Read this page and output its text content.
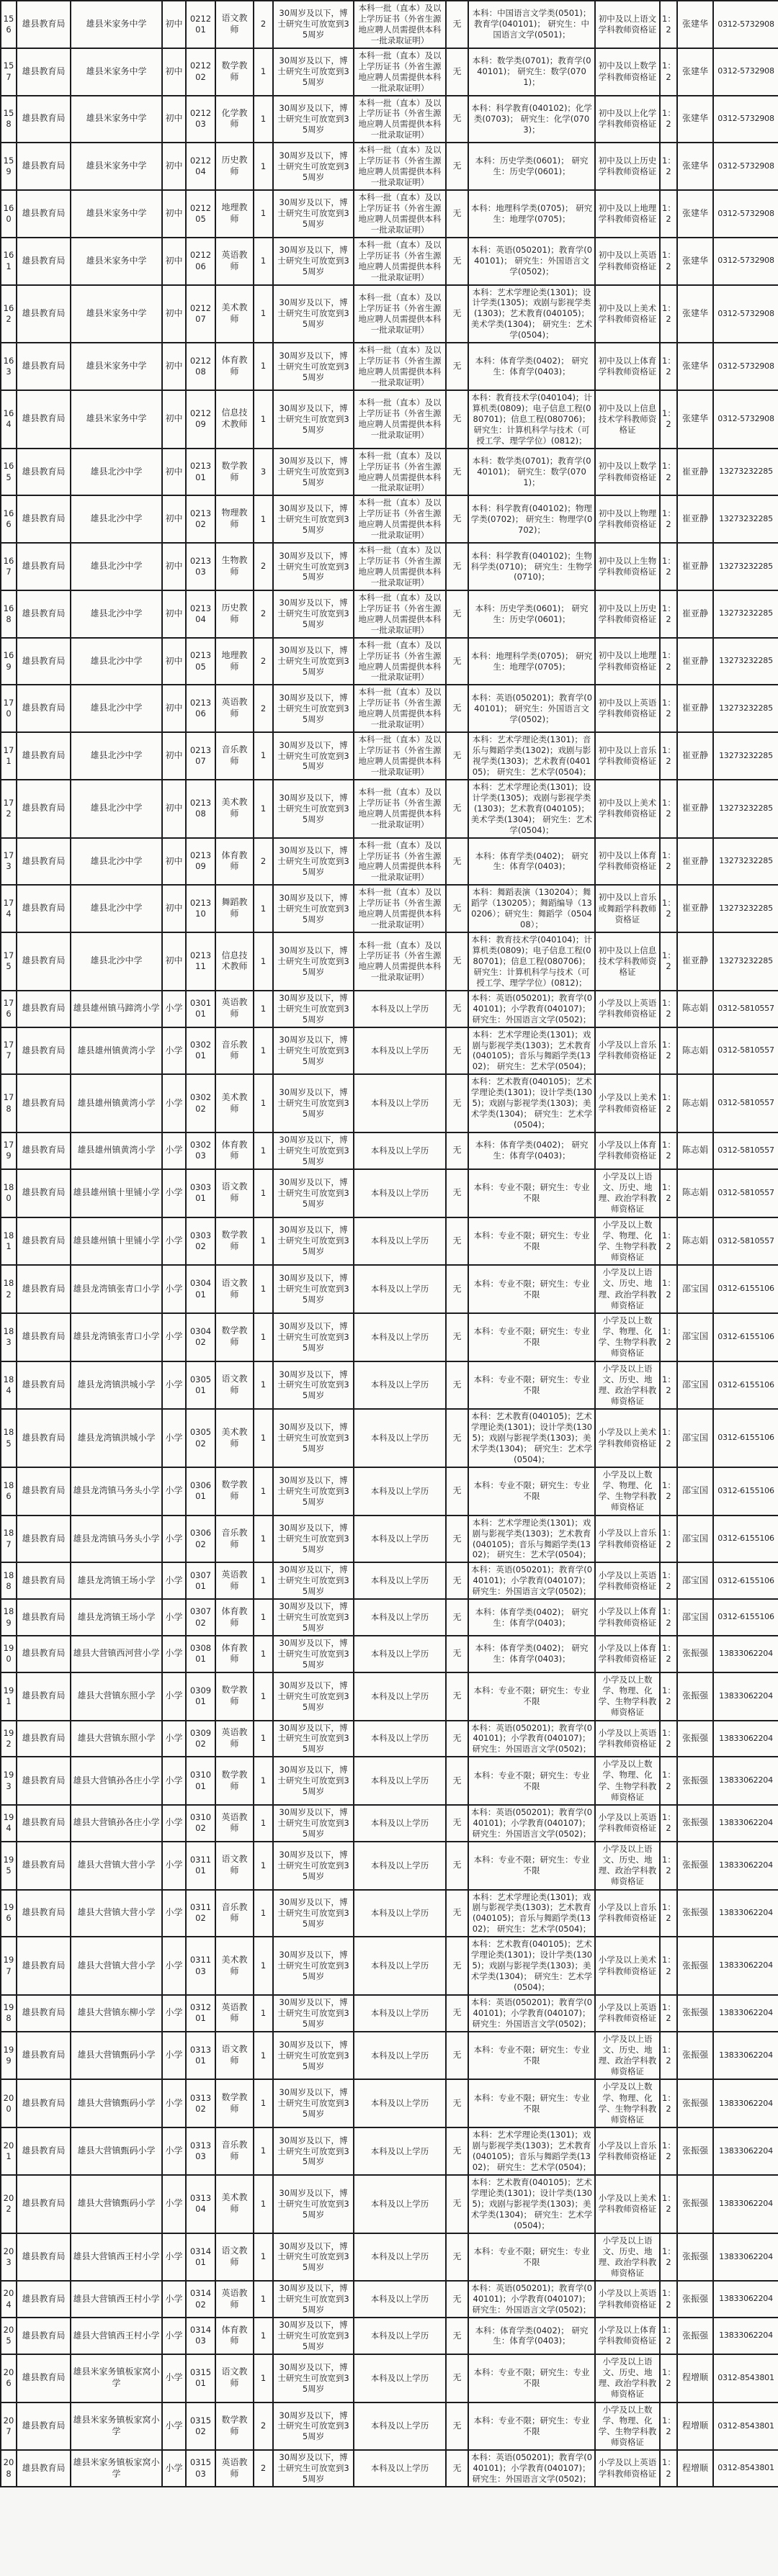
156	雄县教育局	雄县米家务中学	初中	021201	语文教师	2	30周岁及以下，博士研究生可放宽到35周岁	本科一批（直本）及以上学历证书（外省生源地应聘人员需提供本科一批录取证明）	无	本科：中国语言文学类(0501)；教育学(040101)； 研究生：中国语言文学(0501)；	初中及以上语文学科教师资格证	1：2	张建华	0312-5732908
157	雄县教育局	雄县米家务中学	初中	021202	数学教师	1	30周岁及以下，博士研究生可放宽到35周岁	本科一批（直本）及以上学历证书（外省生源地应聘人员需提供本科一批录取证明）	无	本科：数学类(0701)；教育学(040101)； 研究生：数学(0701)；	初中及以上数学学科教师资格证	1：2	张建华	0312-5732908
158	雄县教育局	雄县米家务中学	初中	021203	化学教师	1	30周岁及以下，博士研究生可放宽到35周岁	本科一批（直本）及以上学历证书（外省生源地应聘人员需提供本科一批录取证明）	无	本科：科学教育(040102)；化学类(0703)； 研究生：化学(0703)；	初中及以上化学学科教师资格证	1：2	张建华	0312-5732908
159	雄县教育局	雄县米家务中学	初中	021204	历史教师	1	30周岁及以下，博士研究生可放宽到35周岁	本科一批（直本）及以上学历证书（外省生源地应聘人员需提供本科一批录取证明）	无	本科：历史学类(0601)； 研究生：历史学(0601)；	初中及以上历史学科教师资格证	1：2	张建华	0312-5732908
160	雄县教育局	雄县米家务中学	初中	021205	地理教师	1	30周岁及以下，博士研究生可放宽到35周岁	本科一批（直本）及以上学历证书（外省生源地应聘人员需提供本科一批录取证明）	无	本科：地理科学类(0705)； 研究生：地理学(0705)；	初中及以上地理学科教师资格证	1：2	张建华	0312-5732908
161	雄县教育局	雄县米家务中学	初中	021206	英语教师	1	30周岁及以下，博士研究生可放宽到35周岁	本科一批（直本）及以上学历证书（外省生源地应聘人员需提供本科一批录取证明）	无	本科：英语(050201)；教育学(040101)； 研究生：外国语言文学(0502)；	初中及以上英语学科教师资格证	1：2	张建华	0312-5732908
162	雄县教育局	雄县米家务中学	初中	021207	美术教师	1	30周岁及以下，博士研究生可放宽到35周岁	本科一批（直本）及以上学历证书（外省生源地应聘人员需提供本科一批录取证明）	无	本科：艺术学理论类(1301)；设计学类(1305)；戏剧与影视学类(1303)；艺术教育(040105)；美术学类(1304)； 研究生：艺术学(0504)；	初中及以上美术学科教师资格证	1：2	张建华	0312-5732908
163	雄县教育局	雄县米家务中学	初中	021208	体育教师	1	30周岁及以下，博士研究生可放宽到35周岁	本科一批（直本）及以上学历证书（外省生源地应聘人员需提供本科一批录取证明）	无	本科：体育学类(0402)； 研究生：体育学(0403)；	初中及以上体育学科教师资格证	1：2	张建华	0312-5732908
164	雄县教育局	雄县米家务中学	初中	021209	信息技术教师	1	30周岁及以下，博士研究生可放宽到35周岁	本科一批（直本）及以上学历证书（外省生源地应聘人员需提供本科一批录取证明）	无	本科：教育技术学(040104)；计算机类(0809)；电子信息工程(080701)；信息工程(080706)；研究生：计算机科学与技术（可授工学、理学学位）(0812)；	初中及以上信息技术学科教师资格证	1：2	张建华	0312-5732908
165	雄县教育局	雄县北沙中学	初中	021301	数学教师	3	30周岁及以下，博士研究生可放宽到35周岁	本科一批（直本）及以上学历证书（外省生源地应聘人员需提供本科一批录取证明）	无	本科：数学类(0701)；教育学(040101)； 研究生：数学(0701)；	初中及以上数学学科教师资格证	1：2	崔亚静	13273232285
166	雄县教育局	雄县北沙中学	初中	021302	物理教师	1	30周岁及以下，博士研究生可放宽到35周岁	本科一批（直本）及以上学历证书（外省生源地应聘人员需提供本科一批录取证明）	无	本科：科学教育(040102)；物理学类(0702)； 研究生：物理学(0702)；	初中及以上物理学科教师资格证	1：2	崔亚静	13273232285
167	雄县教育局	雄县北沙中学	初中	021303	生物教师	2	30周岁及以下，博士研究生可放宽到35周岁	本科一批（直本）及以上学历证书（外省生源地应聘人员需提供本科一批录取证明）	无	本科：科学教育(040102)；生物科学类(0710)； 研究生：生物学(0710)；	初中及以上生物学科教师资格证	1：2	崔亚静	13273232285
168	雄县教育局	雄县北沙中学	初中	021304	历史教师	2	30周岁及以下，博士研究生可放宽到35周岁	本科一批（直本）及以上学历证书（外省生源地应聘人员需提供本科一批录取证明）	无	本科：历史学类(0601)； 研究生：历史学(0601)；	初中及以上历史学科教师资格证	1：2	崔亚静	13273232285
169	雄县教育局	雄县北沙中学	初中	021305	地理教师	2	30周岁及以下，博士研究生可放宽到35周岁	本科一批（直本）及以上学历证书（外省生源地应聘人员需提供本科一批录取证明）	无	本科：地理科学类(0705)； 研究生：地理学(0705)；	初中及以上地理学科教师资格证	1：2	崔亚静	13273232285
170	雄县教育局	雄县北沙中学	初中	021306	英语教师	2	30周岁及以下，博士研究生可放宽到35周岁	本科一批（直本）及以上学历证书（外省生源地应聘人员需提供本科一批录取证明）	无	本科：英语(050201)；教育学(040101)； 研究生：外国语言文学(0502)；	初中及以上英语学科教师资格证	1：2	崔亚静	13273232285
171	雄县教育局	雄县北沙中学	初中	021307	音乐教师	1	30周岁及以下，博士研究生可放宽到35周岁	本科一批（直本）及以上学历证书（外省生源地应聘人员需提供本科一批录取证明）	无	本科：艺术学理论类(1301)；音乐与舞蹈学类(1302)；戏剧与影视学类(1303)；艺术教育(040105)； 研究生：艺术学(0504)；	初中及以上音乐学科教师资格证	1：2	崔亚静	13273232285
172	雄县教育局	雄县北沙中学	初中	021308	美术教师	1	30周岁及以下，博士研究生可放宽到35周岁	本科一批（直本）及以上学历证书（外省生源地应聘人员需提供本科一批录取证明）	无	本科：艺术学理论类(1301)；设计学类(1305)；戏剧与影视学类(1303)；艺术教育(040105)；美术学类(1304)； 研究生：艺术学(0504)；	初中及以上美术学科教师资格证	1：2	崔亚静	13273232285
173	雄县教育局	雄县北沙中学	初中	021309	体育教师	2	30周岁及以下，博士研究生可放宽到35周岁	本科一批（直本）及以上学历证书（外省生源地应聘人员需提供本科一批录取证明）	无	本科：体育学类(0402)； 研究生：体育学(0403)；	初中及以上体育学科教师资格证	1：2	崔亚静	13273232285
174	雄县教育局	雄县北沙中学	初中	021310	舞蹈教师	1	30周岁及以下，博士研究生可放宽到35周岁	本科一批（直本）及以上学历证书（外省生源地应聘人员需提供本科一批录取证明）	无	本科：舞蹈表演（130204）；舞蹈学（130205）；舞蹈编导（130206）；研究生：舞蹈学（050408）；	初中及以上音乐或舞蹈学科教师资格证	1：2	崔亚静	13273232285
175	雄县教育局	雄县北沙中学	初中	021311	信息技术教师	1	30周岁及以下，博士研究生可放宽到35周岁	本科一批（直本）及以上学历证书（外省生源地应聘人员需提供本科一批录取证明）	无	本科：教育技术学(040104)；计算机类(0809)；电子信息工程(080701)；信息工程(080706)；研究生：计算机科学与技术（可授工学、理学学位）(0812)；	初中及以上信息技术学科教师资格证	1：2	崔亚静	13273232285
176	雄县教育局	雄县雄州镇马蹄湾小学	小学	030101	英语教师	1	30周岁及以下，博士研究生可放宽到35周岁	本科及以上学历	无	本科：英语(050201)；教育学(040101)；小学教育(040107)； 研究生：外国语言文学(0502)；	小学及以上英语学科教师资格证	1：2	陈志娟	0312-5810557
177	雄县教育局	雄县雄州镇黄湾小学	小学	030201	音乐教师	1	30周岁及以下，博士研究生可放宽到35周岁	本科及以上学历	无	本科：艺术学理论类(1301)；戏剧与影视学类(1303)；艺术教育(040105)；音乐与舞蹈学类(1302)； 研究生：艺术学(0504)；	小学及以上音乐学科教师资格证	1：2	陈志娟	0312-5810557
178	雄县教育局	雄县雄州镇黄湾小学	小学	030202	美术教师	1	30周岁及以下，博士研究生可放宽到35周岁	本科及以上学历	无	本科：艺术教育(040105)；艺术学理论类(1301)；设计学类(1305)；戏剧与影视学类(1303)；美术学类(1304)； 研究生：艺术学(0504)；	小学及以上美术学科教师资格证	1：2	陈志娟	0312-5810557
179	雄县教育局	雄县雄州镇黄湾小学	小学	030203	体育教师	1	30周岁及以下，博士研究生可放宽到35周岁	本科及以上学历	无	本科：体育学类(0402)； 研究生：体育学(0403)；	小学及以上体育学科教师资格证	1：2	陈志娟	0312-5810557
180	雄县教育局	雄县雄州镇十里铺小学	小学	030301	语文教师	1	30周岁及以下，博士研究生可放宽到35周岁	本科及以上学历	无	本科：专业不限；研究生：专业不限	小学及以上语文、历史、地理、政治学科教师资格证	1：2	陈志娟	0312-5810557
181	雄县教育局	雄县雄州镇十里铺小学	小学	030302	数学教师	1	30周岁及以下，博士研究生可放宽到35周岁	本科及以上学历	无	本科：专业不限；研究生：专业不限	小学及以上数学、物理、化学、生物学科教师资格证	1：2	陈志娟	0312-5810557
182	雄县教育局	雄县龙湾镇张青口小学	小学	030401	语文教师	1	30周岁及以下，博士研究生可放宽到35周岁	本科及以上学历	无	本科：专业不限；研究生：专业不限	小学及以上语文、历史、地理、政治学科教师资格证	1：2	邵宝国	0312-6155106
183	雄县教育局	雄县龙湾镇张青口小学	小学	030402	数学教师	1	30周岁及以下，博士研究生可放宽到35周岁	本科及以上学历	无	本科：专业不限；研究生：专业不限	小学及以上数学、物理、化学、生物学科教师资格证	1：2	邵宝国	0312-6155106
184	雄县教育局	雄县龙湾镇洪城小学	小学	030501	语文教师	1	30周岁及以下，博士研究生可放宽到35周岁	本科及以上学历	无	本科：专业不限；研究生：专业不限	小学及以上语文、历史、地理、政治学科教师资格证	1：2	邵宝国	0312-6155106
185	雄县教育局	雄县龙湾镇洪城小学	小学	030502	美术教师	1	30周岁及以下，博士研究生可放宽到35周岁	本科及以上学历	无	本科：艺术教育(040105)；艺术学理论类(1301)；设计学类(1305)；戏剧与影视学类(1303)；美术学类(1304)； 研究生：艺术学(0504)；	小学及以上美术学科教师资格证	1：2	邵宝国	0312-6155106
186	雄县教育局	雄县龙湾镇马务头小学	小学	030601	数学教师	1	30周岁及以下，博士研究生可放宽到35周岁	本科及以上学历	无	本科：专业不限；研究生：专业不限	小学及以上数学、物理、化学、生物学科教师资格证	1：2	邵宝国	0312-6155106
187	雄县教育局	雄县龙湾镇马务头小学	小学	030602	音乐教师	1	30周岁及以下，博士研究生可放宽到35周岁	本科及以上学历	无	本科：艺术学理论类(1301)；戏剧与影视学类(1303)；艺术教育(040105)；音乐与舞蹈学类(1302)； 研究生：艺术学(0504)；	小学及以上音乐学科教师资格证	1：2	邵宝国	0312-6155106
188	雄县教育局	雄县龙湾镇王场小学	小学	030701	英语教师	1	30周岁及以下，博士研究生可放宽到35周岁	本科及以上学历	无	本科：英语(050201)；教育学(040101)；小学教育(040107)； 研究生：外国语言文学(0502)；	小学及以上英语学科教师资格证	1：2	邵宝国	0312-6155106
189	雄县教育局	雄县龙湾镇王场小学	小学	030702	体育教师	1	30周岁及以下，博士研究生可放宽到35周岁	本科及以上学历	无	本科：体育学类(0402)； 研究生：体育学(0403)；	小学及以上体育学科教师资格证	1：2	邵宝国	0312-6155106
190	雄县教育局	雄县大营镇西河营小学	小学	030801	体育教师	1	30周岁及以下，博士研究生可放宽到35周岁	本科及以上学历	无	本科：体育学类(0402)； 研究生：体育学(0403)；	小学及以上体育学科教师资格证	1：2	张振强	13833062204
191	雄县教育局	雄县大营镇东照小学	小学	030901	数学教师	1	30周岁及以下，博士研究生可放宽到35周岁	本科及以上学历	无	本科：专业不限；研究生：专业不限	小学及以上数学、物理、化学、生物学科教师资格证	1：2	张振强	13833062204
192	雄县教育局	雄县大营镇东照小学	小学	030902	英语教师	1	30周岁及以下，博士研究生可放宽到35周岁	本科及以上学历	无	本科：英语(050201)；教育学(040101)；小学教育(040107)； 研究生：外国语言文学(0502)；	小学及以上英语学科教师资格证	1：2	张振强	13833062204
193	雄县教育局	雄县大营镇孙各庄小学	小学	031001	数学教师	1	30周岁及以下，博士研究生可放宽到35周岁	本科及以上学历	无	本科：专业不限；研究生：专业不限	小学及以上数学、物理、化学、生物学科教师资格证	1：2	张振强	13833062204
194	雄县教育局	雄县大营镇孙各庄小学	小学	031002	英语教师	1	30周岁及以下，博士研究生可放宽到35周岁	本科及以上学历	无	本科：英语(050201)；教育学(040101)；小学教育(040107)； 研究生：外国语言文学(0502)；	小学及以上英语学科教师资格证	1：2	张振强	13833062204
195	雄县教育局	雄县大营镇大营小学	小学	031101	语文教师	1	30周岁及以下，博士研究生可放宽到35周岁	本科及以上学历	无	本科：专业不限；研究生：专业不限	小学及以上语文、历史、地理、政治学科教师资格证	1：2	张振强	13833062204
196	雄县教育局	雄县大营镇大营小学	小学	031102	音乐教师	1	30周岁及以下，博士研究生可放宽到35周岁	本科及以上学历	无	本科：艺术学理论类(1301)；戏剧与影视学类(1303)；艺术教育(040105)；音乐与舞蹈学类(1302)； 研究生：艺术学(0504)；	小学及以上音乐学科教师资格证	1：2	张振强	13833062204
197	雄县教育局	雄县大营镇大营小学	小学	031103	美术教师	1	30周岁及以下，博士研究生可放宽到35周岁	本科及以上学历	无	本科：艺术教育(040105)；艺术学理论类(1301)；设计学类(1305)；戏剧与影视学类(1303)；美术学类(1304)； 研究生：艺术学(0504)；	小学及以上美术学科教师资格证	1：2	张振强	13833062204
198	雄县教育局	雄县大营镇东柳小学	小学	031201	英语教师	1	30周岁及以下，博士研究生可放宽到35周岁	本科及以上学历	无	本科：英语(050201)；教育学(040101)；小学教育(040107)； 研究生：外国语言文学(0502)；	小学及以上英语学科教师资格证	1：2	张振强	13833062204
199	雄县教育局	雄县大营镇甄码小学	小学	031301	语文教师	1	30周岁及以下，博士研究生可放宽到35周岁	本科及以上学历	无	本科：专业不限；研究生：专业不限	小学及以上语文、历史、地理、政治学科教师资格证	1：2	张振强	13833062204
200	雄县教育局	雄县大营镇甄码小学	小学	031302	数学教师	1	30周岁及以下，博士研究生可放宽到35周岁	本科及以上学历	无	本科：专业不限；研究生：专业不限	小学及以上数学、物理、化学、生物学科教师资格证	1：2	张振强	13833062204
201	雄县教育局	雄县大营镇甄码小学	小学	031303	音乐教师	1	30周岁及以下，博士研究生可放宽到35周岁	本科及以上学历	无	本科：艺术学理论类(1301)；戏剧与影视学类(1303)；艺术教育(040105)；音乐与舞蹈学类(1302)； 研究生：艺术学(0504)；	小学及以上音乐学科教师资格证	1：2	张振强	13833062204
202	雄县教育局	雄县大营镇甄码小学	小学	031304	美术教师	1	30周岁及以下，博士研究生可放宽到35周岁	本科及以上学历	无	本科：艺术教育(040105)；艺术学理论类(1301)；设计学类(1305)；戏剧与影视学类(1303)；美术学类(1304)； 研究生：艺术学(0504)；	小学及以上美术学科教师资格证	1：2	张振强	13833062204
203	雄县教育局	雄县大营镇西王村小学	小学	031401	语文教师	1	30周岁及以下，博士研究生可放宽到35周岁	本科及以上学历	无	本科：专业不限；研究生：专业不限	小学及以上语文、历史、地理、政治学科教师资格证	1：2	张振强	13833062204
204	雄县教育局	雄县大营镇西王村小学	小学	031402	英语教师	1	30周岁及以下，博士研究生可放宽到35周岁	本科及以上学历	无	本科：英语(050201)；教育学(040101)；小学教育(040107)； 研究生：外国语言文学(0502)；	小学及以上英语学科教师资格证	1：2	张振强	13833062204
205	雄县教育局	雄县大营镇西王村小学	小学	031403	体育教师	1	30周岁及以下，博士研究生可放宽到35周岁	本科及以上学历	无	本科：体育学类(0402)； 研究生：体育学(0403)；	小学及以上体育学科教师资格证	1：2	张振强	13833062204
206	雄县教育局	雄县米家务镇板家窝小学	小学	031501	语文教师	1	30周岁及以下，博士研究生可放宽到35周岁	本科及以上学历	无	本科：专业不限；研究生：专业不限	小学及以上语文、历史、地理、政治学科教师资格证	1：2	程增顺	0312-8543801
207	雄县教育局	雄县米家务镇板家窝小学	小学	031502	数学教师	2	30周岁及以下，博士研究生可放宽到35周岁	本科及以上学历	无	本科：专业不限；研究生：专业不限	小学及以上数学、物理、化学、生物学科教师资格证	1：2	程增顺	0312-8543801
208	雄县教育局	雄县米家务镇板家窝小学	小学	031503	英语教师	2	30周岁及以下，博士研究生可放宽到35周岁	本科及以上学历	无	本科：英语(050201)；教育学(040101)；小学教育(040107)； 研究生：外国语言文学(0502)；	小学及以上英语学科教师资格证	1：2	程增顺	0312-8543801
